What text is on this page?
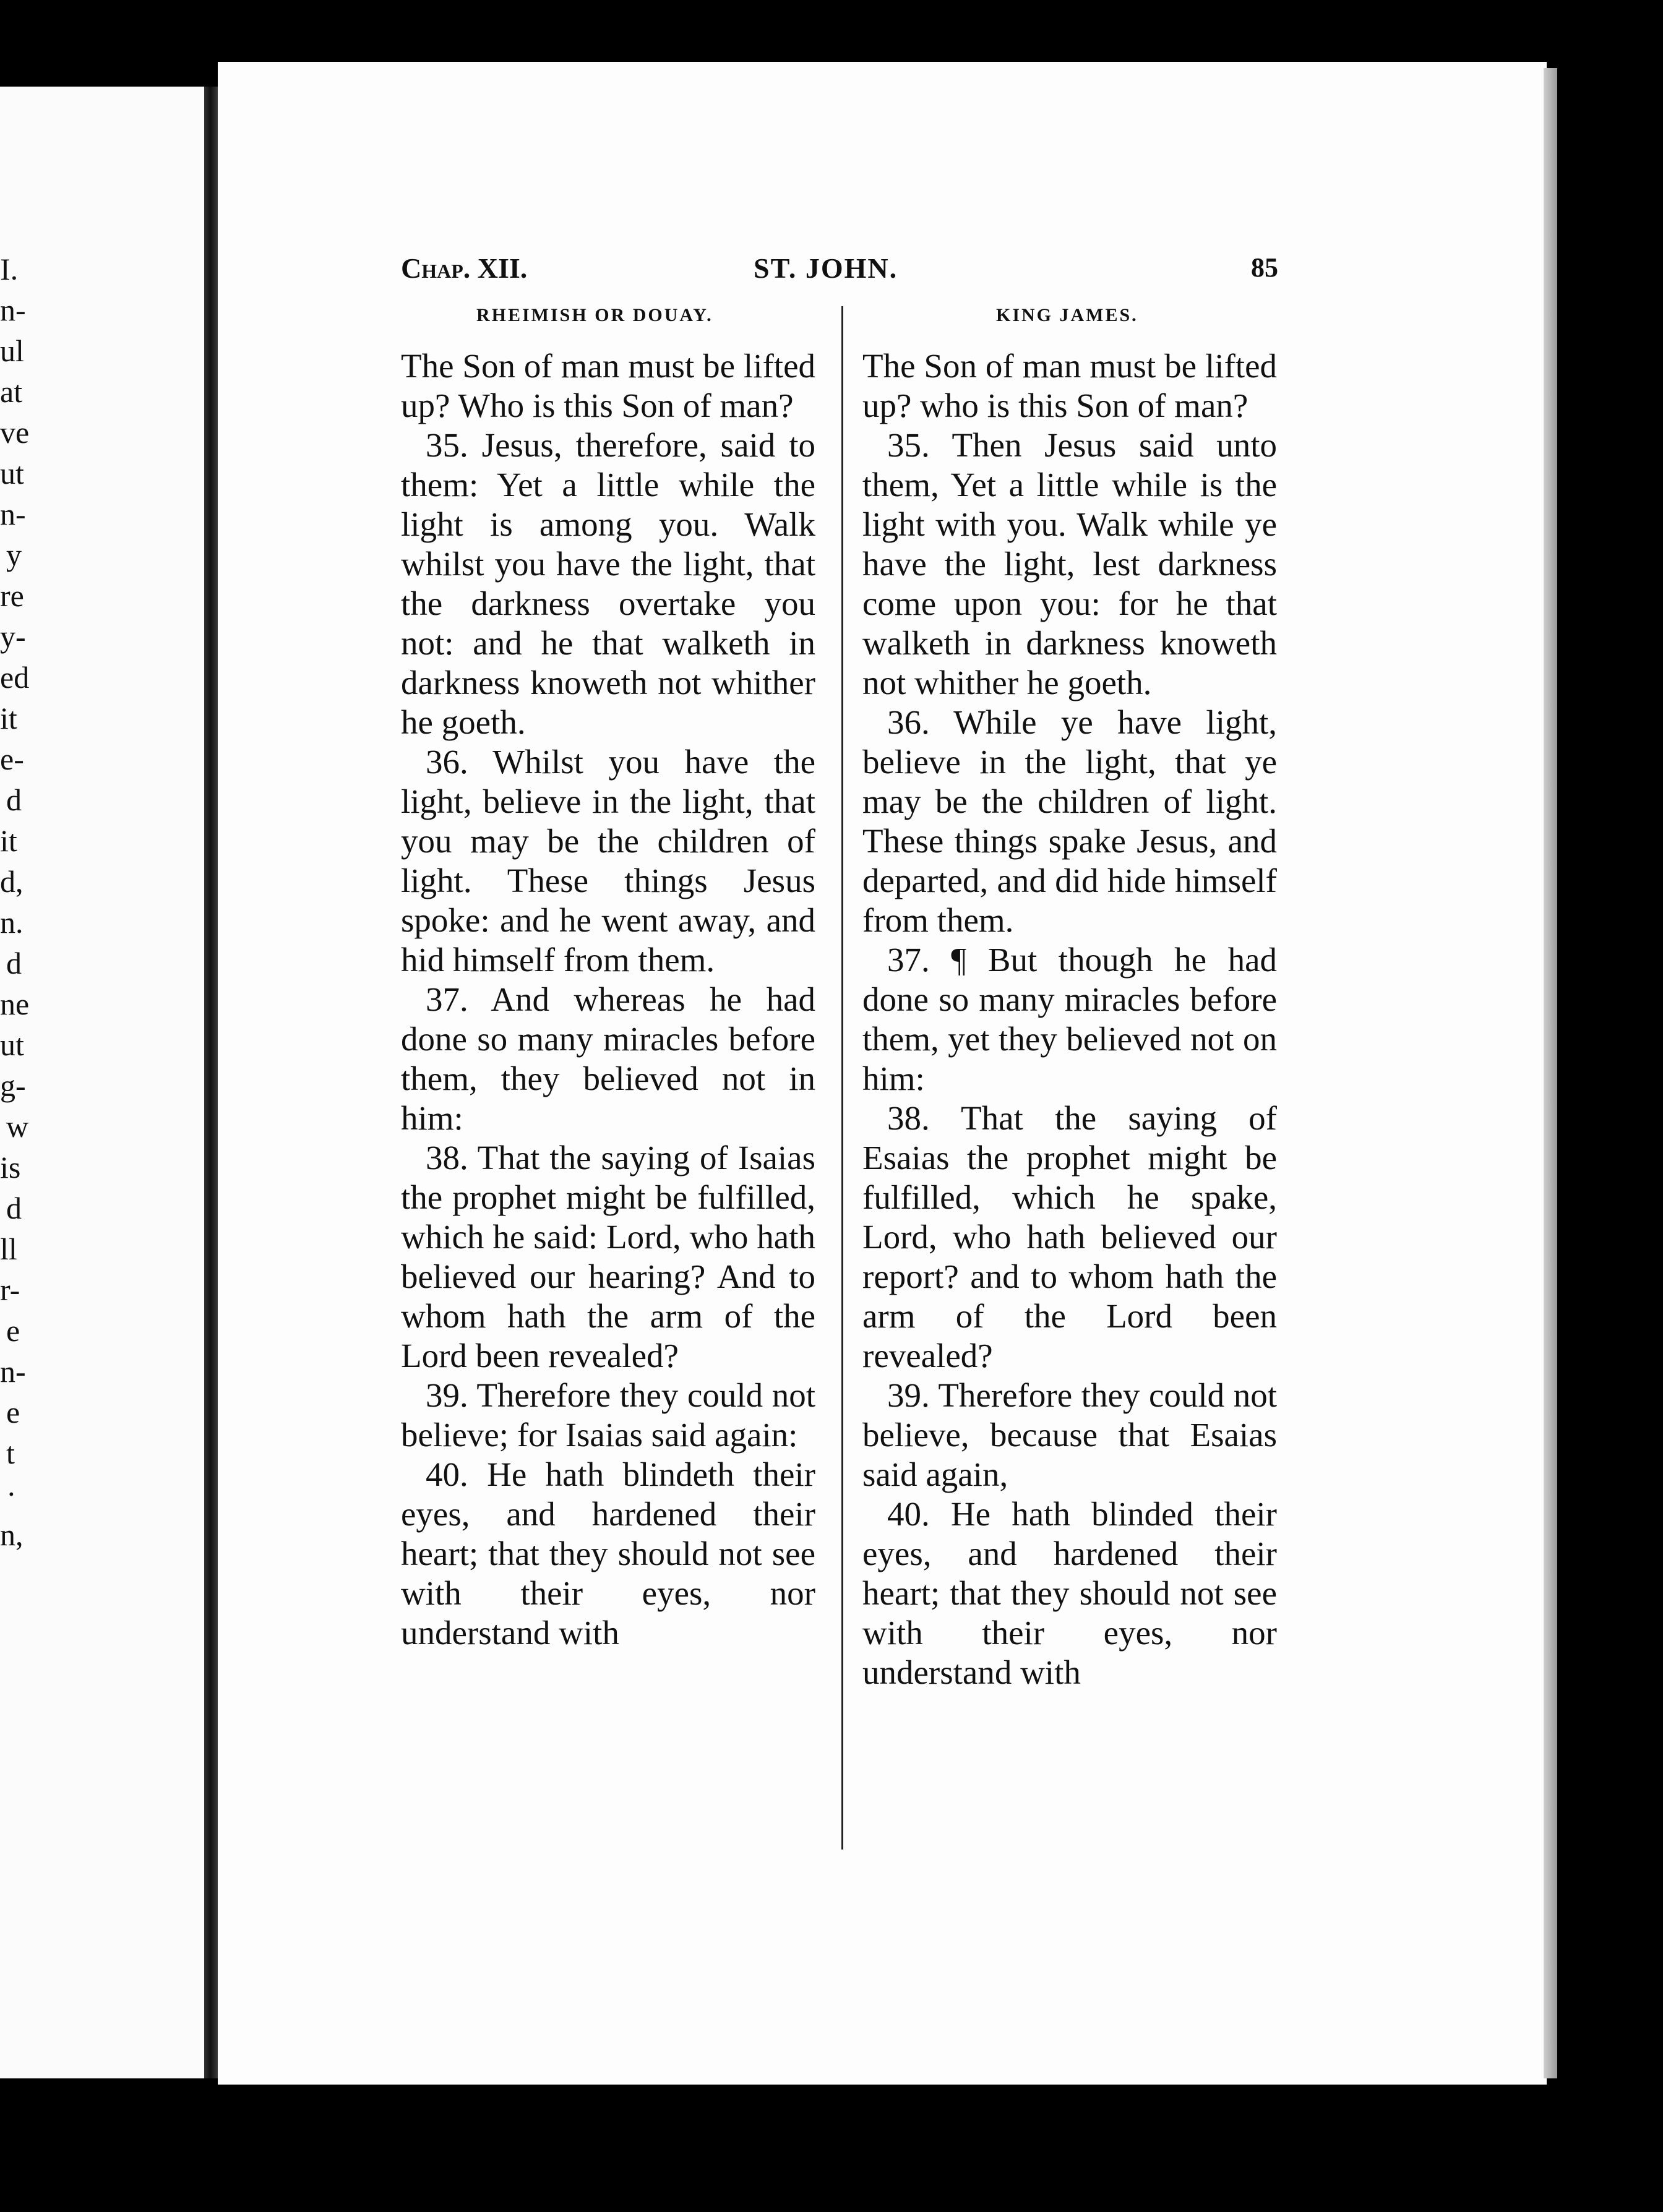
I.
n-
ul
at
ve
ut
n-
y
re
y-
ed
it
e-
d
it
d,
n.
d
ne
ut
g-
w
is
d
ll
r-
e
n-
e
t
·
n,
Chap. XII.	ST. JOHN.	85
RHEIMISH OR DOUAY.	KING JAMES.

The Son of man must be lifted up? Who is this Son of man?

35. Jesus, therefore, said to them: Yet a little while the light is among you. Walk whilst you have the light, that the darkness overtake you not: and he that walketh in darkness knoweth not whither he goeth.

36. Whilst you have the light, believe in the light, that you may be the children of light. These things Jesus spoke: and he went away, and hid himself from them.

37. And whereas he had done so many miracles before them, they believed not in him:

38. That the saying of Isaias the prophet might be fulfilled, which he said: Lord, who hath believed our hearing? And to whom hath the arm of the Lord been revealed?

39. Therefore they could not believe; for Isaias said again:

40. He hath blindeth their eyes, and hardened their heart; that they should not see with their eyes, nor understand with

The Son of man must be lifted up? who is this Son of man?

35. Then Jesus said unto them, Yet a little while is the light with you. Walk while ye have the light, lest darkness come upon you: for he that walketh in darkness knoweth not whither he goeth.

36. While ye have light, believe in the light, that ye may be the children of light. These things spake Jesus, and departed, and did hide himself from them.

37. ¶ But though he had done so many miracles before them, yet they believed not on him:

38. That the saying of Esaias the prophet might be fulfilled, which he spake, Lord, who hath believed our report? and to whom hath the arm of the Lord been revealed?

39. Therefore they could not believe, because that Esaias said again,

40. He hath blinded their eyes, and hardened their heart; that they should not see with their eyes, nor understand with
